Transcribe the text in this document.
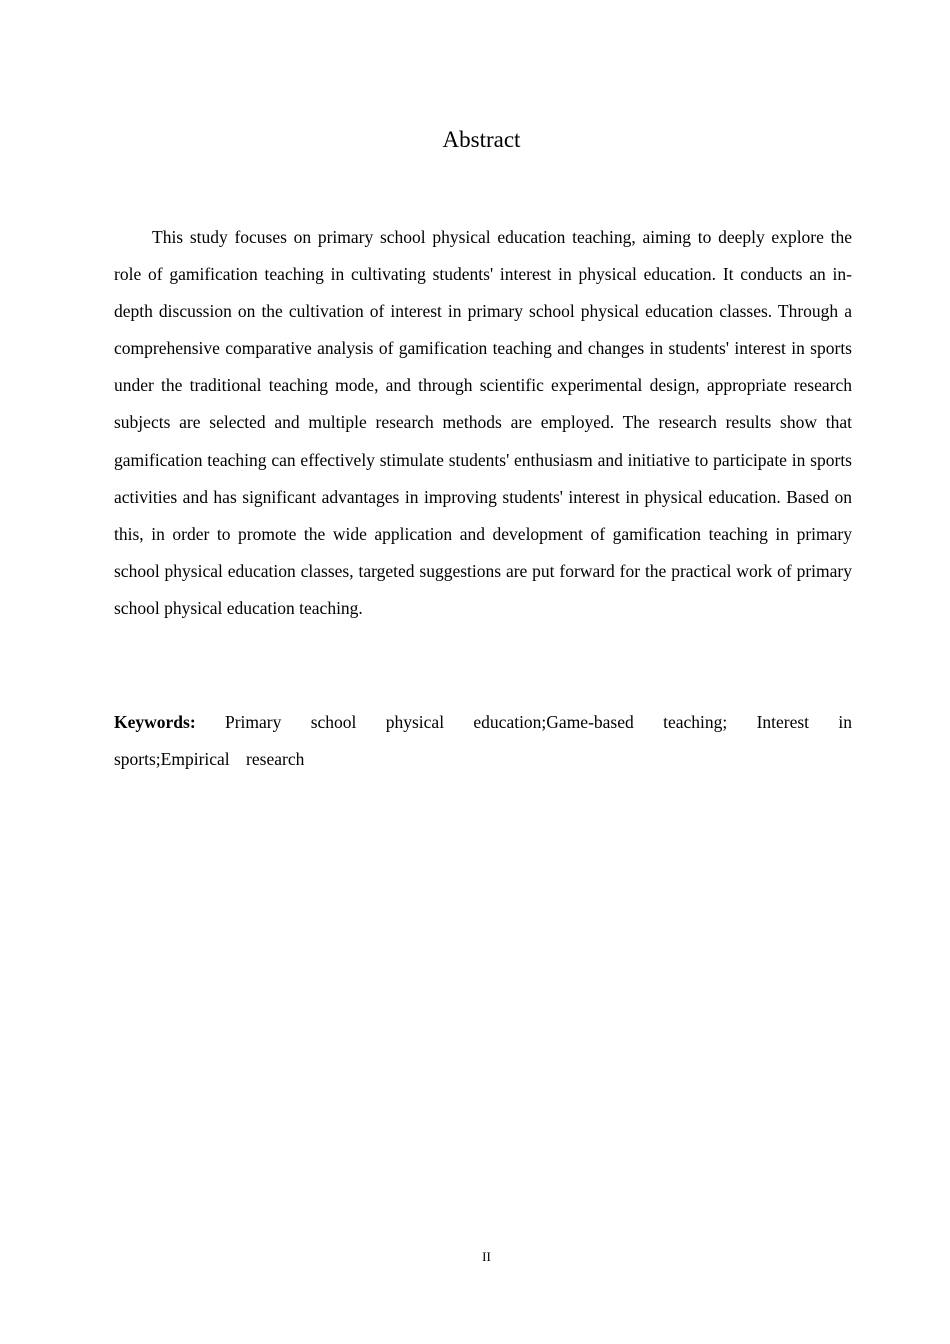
Abstract

This study focuses on primary school physical education teaching, aiming to deeply explore the role of gamification teaching in cultivating students' interest in physical education. It conducts an in-depth discussion on the cultivation of interest in primary school physical education classes. Through a comprehensive comparative analysis of gamification teaching and changes in students' interest in sports under the traditional teaching mode, and through scientific experimental design, appropriate research subjects are selected and multiple research methods are employed. The research results show that gamification teaching can effectively stimulate students' enthusiasm and initiative to participate in sports activities and has significant advantages in improving students' interest in physical education. Based on this, in order to promote the wide application and development of gamification teaching in primary school physical education classes, targeted suggestions are put forward for the practical work of primary school physical education teaching.

Keywords: Primary school physical education;Game-based teaching; Interest in sports;Empirical research

II
